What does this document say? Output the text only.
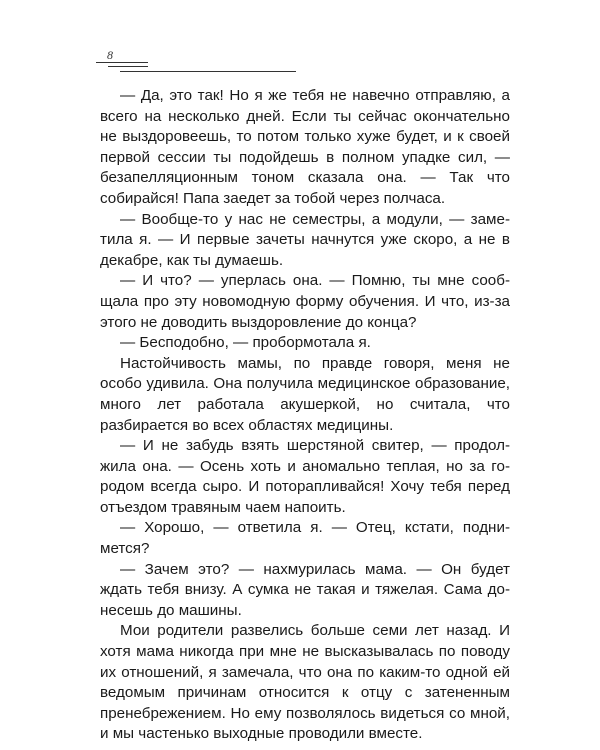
8

— Да, это так! Но я же тебя не навечно отправляю, а всего на несколько дней. Если ты сейчас окончательно не выздоровеешь, то потом только хуже будет, и к своей первой сессии ты подойдешь в полном упадке сил, — безапелляционным тоном сказала она. — Так что собирайся! Папа заедет за тобой через полчаса.

— Вообще-то у нас не семестры, а модули, — заметила я. — И первые зачеты начнутся уже скоро, а не в декабре, как ты думаешь.

— И что? — уперлась она. — Помню, ты мне сообщала про эту новомодную форму обучения. И что, из-за этого не доводить выздоровление до конца?

— Бесподобно, — пробормотала я.

Настойчивость мамы, по правде говоря, меня не особо удивила. Она получила медицинское образование, много лет работала акушеркой, но считала, что разбирается во всех областях медицины.

— И не забудь взять шерстяной свитер, — продолжила она. — Осень хоть и аномально теплая, но за городом всегда сыро. И поторапливайся! Хочу тебя перед отъездом травяным чаем напоить.

— Хорошо, — ответила я. — Отец, кстати, поднимется?

— Зачем это? — нахмурилась мама. — Он будет ждать тебя внизу. А сумка не такая и тяжелая. Сама донесешь до машины.

Мои родители развелись больше семи лет назад. И хотя мама никогда при мне не высказывалась по поводу их отношений, я замечала, что она по каким-то одной ей ведомым причинам относится к отцу с затененным пренебрежением. Но ему позволялось видеться со мной, и мы частенько выходные проводили вместе.
